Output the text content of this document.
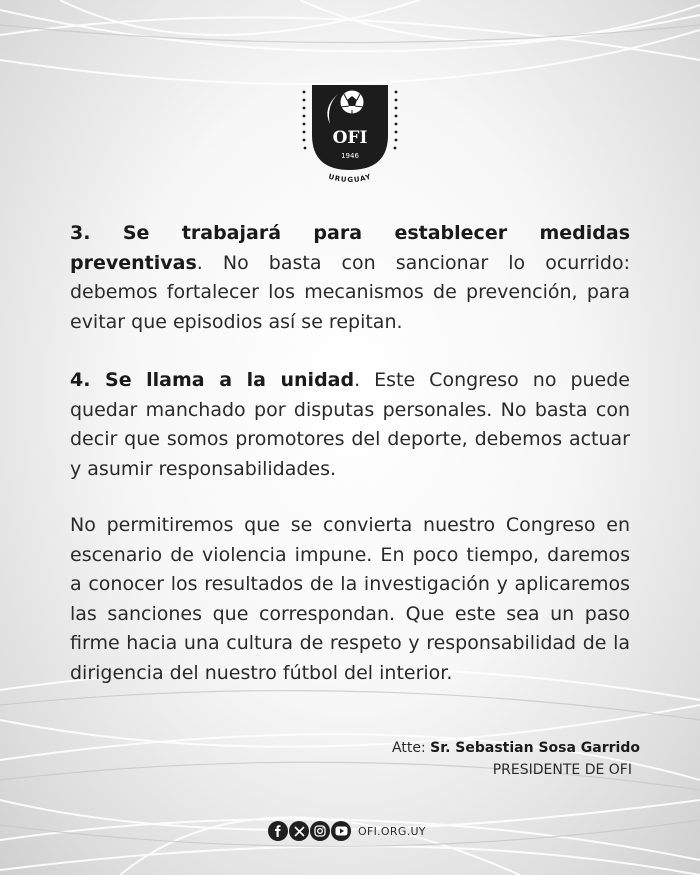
OFI
1946
URUGUAY
3. Se trabajará para establecer medidas preventivas. No basta con sancionar lo ocurrido: debemos fortalecer los mecanismos de prevención, para evitar que episodios así se repitan.
4. Se llama a la unidad. Este Congreso no puede quedar manchado por disputas personales. No basta con decir que somos promotores del deporte, debemos actuar y asumir responsabilidades.
No permitiremos que se convierta nuestro Congreso en escenario de violencia impune. En poco tiempo, daremos a conocer los resultados de la investigación y aplicaremos las sanciones que correspondan. Que este sea un paso firme hacia una cultura de respeto y responsabilidad de la dirigencia del nuestro fútbol del interior.
Atte: Sr. Sebastian Sosa Garrido
PRESIDENTE DE OFI
OFI.ORG.UY
